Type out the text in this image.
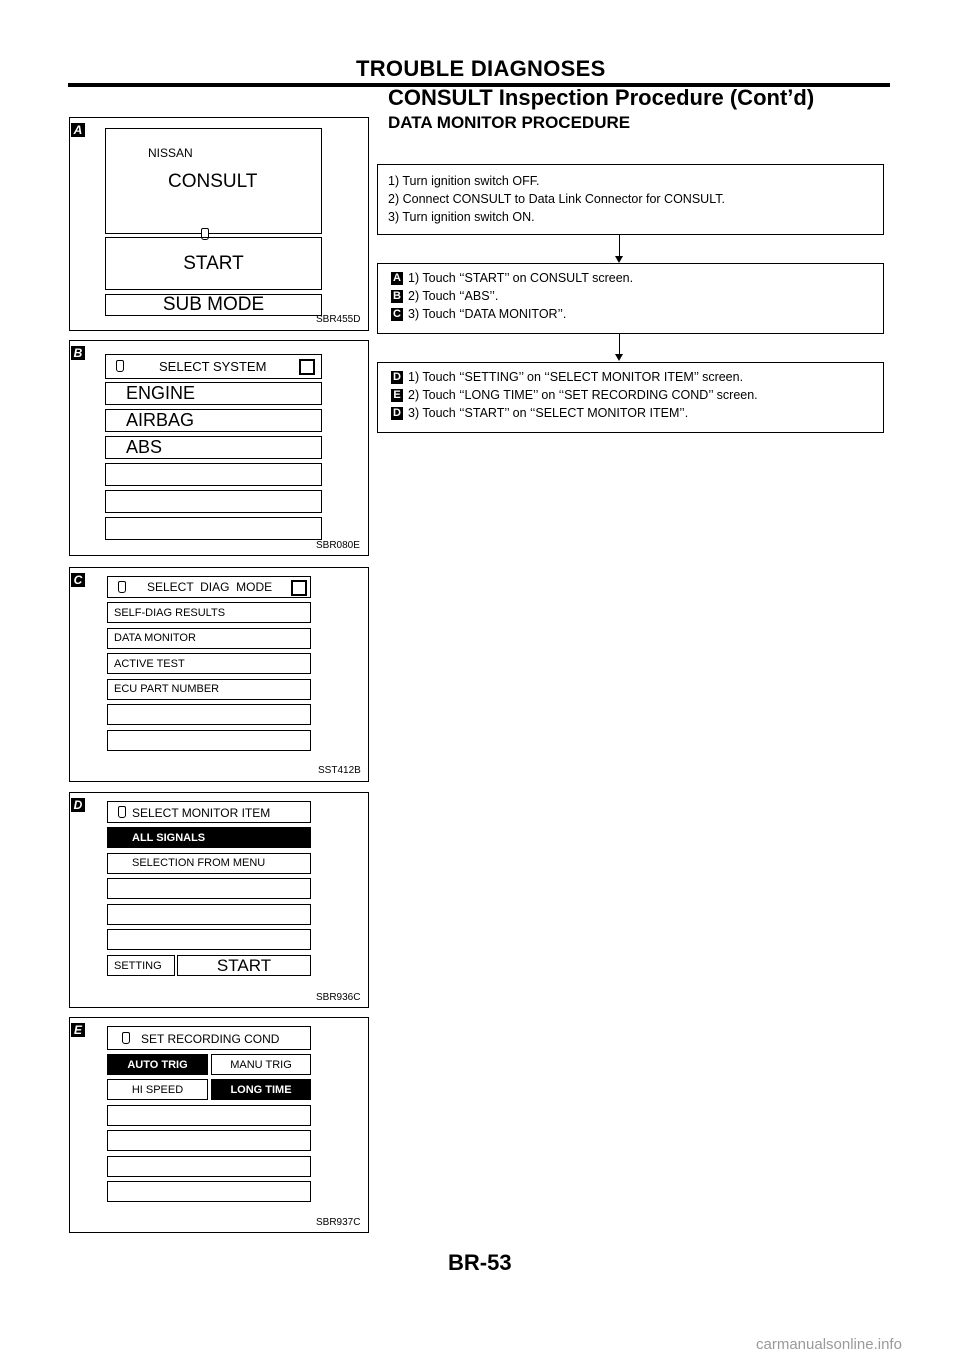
TROUBLE DIAGNOSES
CONSULT Inspection Procedure (Cont’d)
DATA MONITOR PROCEDURE
A
NISSAN
CONSULT
START
SUB MODE
SBR455D
B
SELECT SYSTEM
SBR080E
ENGINE
AIRBAG
ABS
C	SELECT  DIAG  MODE
SST412B
SELF-DIAG RESULTS
DATA MONITOR
ACTIVE TEST
ECU PART NUMBER
D
SELECT MONITOR ITEM
SETTING	START
SBR936C
ALL SIGNALS
SELECTION FROM MENU
E
SET RECORDING COND
AUTO TRIG	MANU TRIG
HI SPEED	LONG TIME
SBR937C
1) Turn ignition switch OFF.
2) Connect CONSULT to Data Link Connector for CONSULT.
3) Turn ignition switch ON.
A 1) Touch ‘‘START’’ on CONSULT screen.
B 2) Touch ‘‘ABS’’.
C 3) Touch ‘‘DATA MONITOR’’.
D 1) Touch ‘‘SETTING’’ on ‘‘SELECT MONITOR ITEM’’ screen.
E 2) Touch ‘‘LONG TIME’’ on ‘‘SET RECORDING COND’’ screen.
D 3) Touch ‘‘START’’ on ‘‘SELECT MONITOR ITEM’’.
BR-53
carmanualsonline.info
